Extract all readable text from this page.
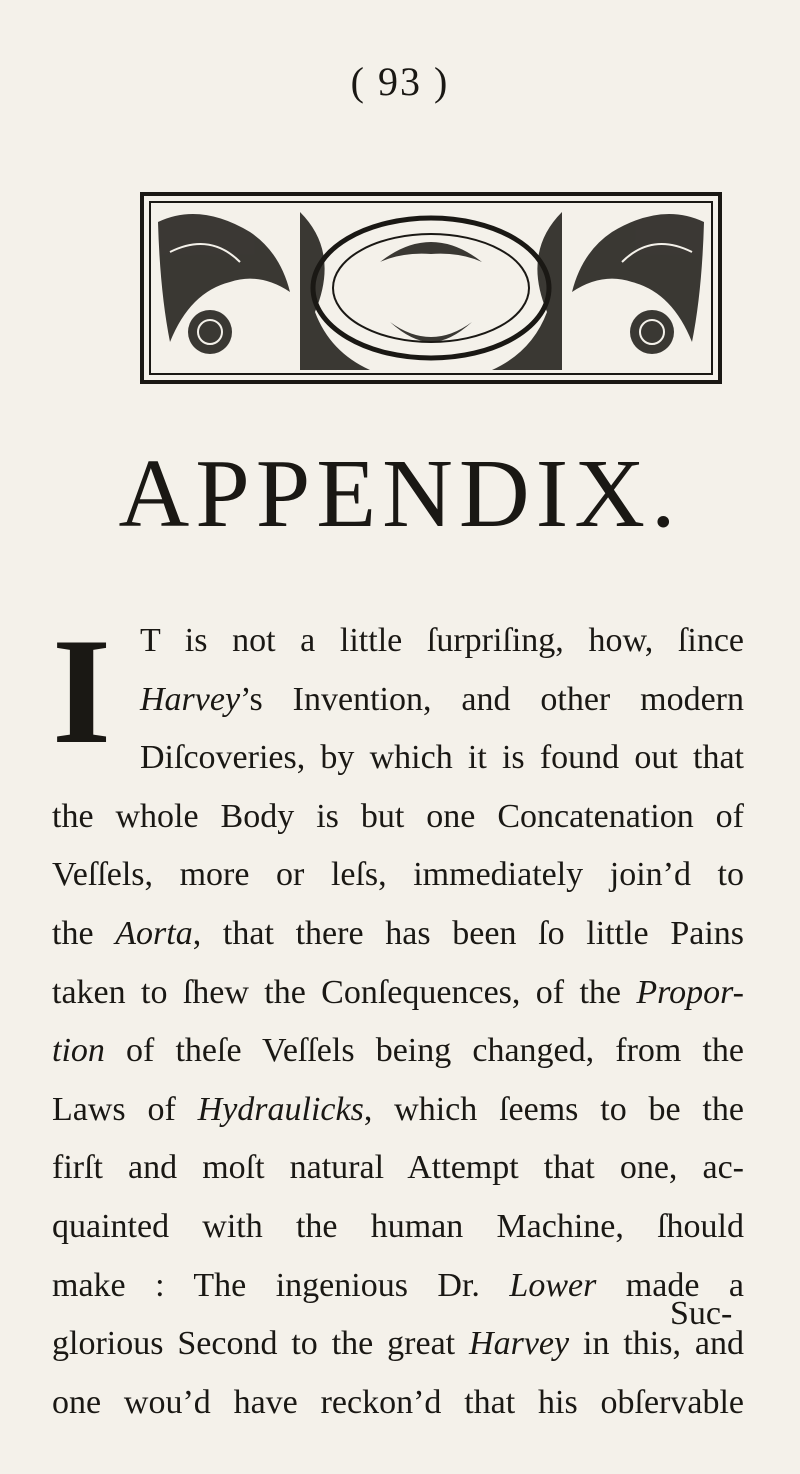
( 93 )
APPENDIX.
I T is not a little ſurpriſing, how, ſince
Harvey’s Invention, and other modern
Diſcoveries, by which it is found out that
the whole Body is but one Concatenation of
Veſſels, more or leſs, immediately join’d to
the Aorta, that there has been ſo little Pains
taken to ſhew the Conſequences, of the Propor-
tion of theſe Veſſels being changed, from the
Laws of Hydraulicks, which ſeems to be the
firſt and moſt natural Attempt that one, ac-
quainted with the human Machine, ſhould
make : The ingenious Dr. Lower made a
glorious Second to the great Harvey in this, and
one wou’d have reckon’d that his obſervable
Suc-
